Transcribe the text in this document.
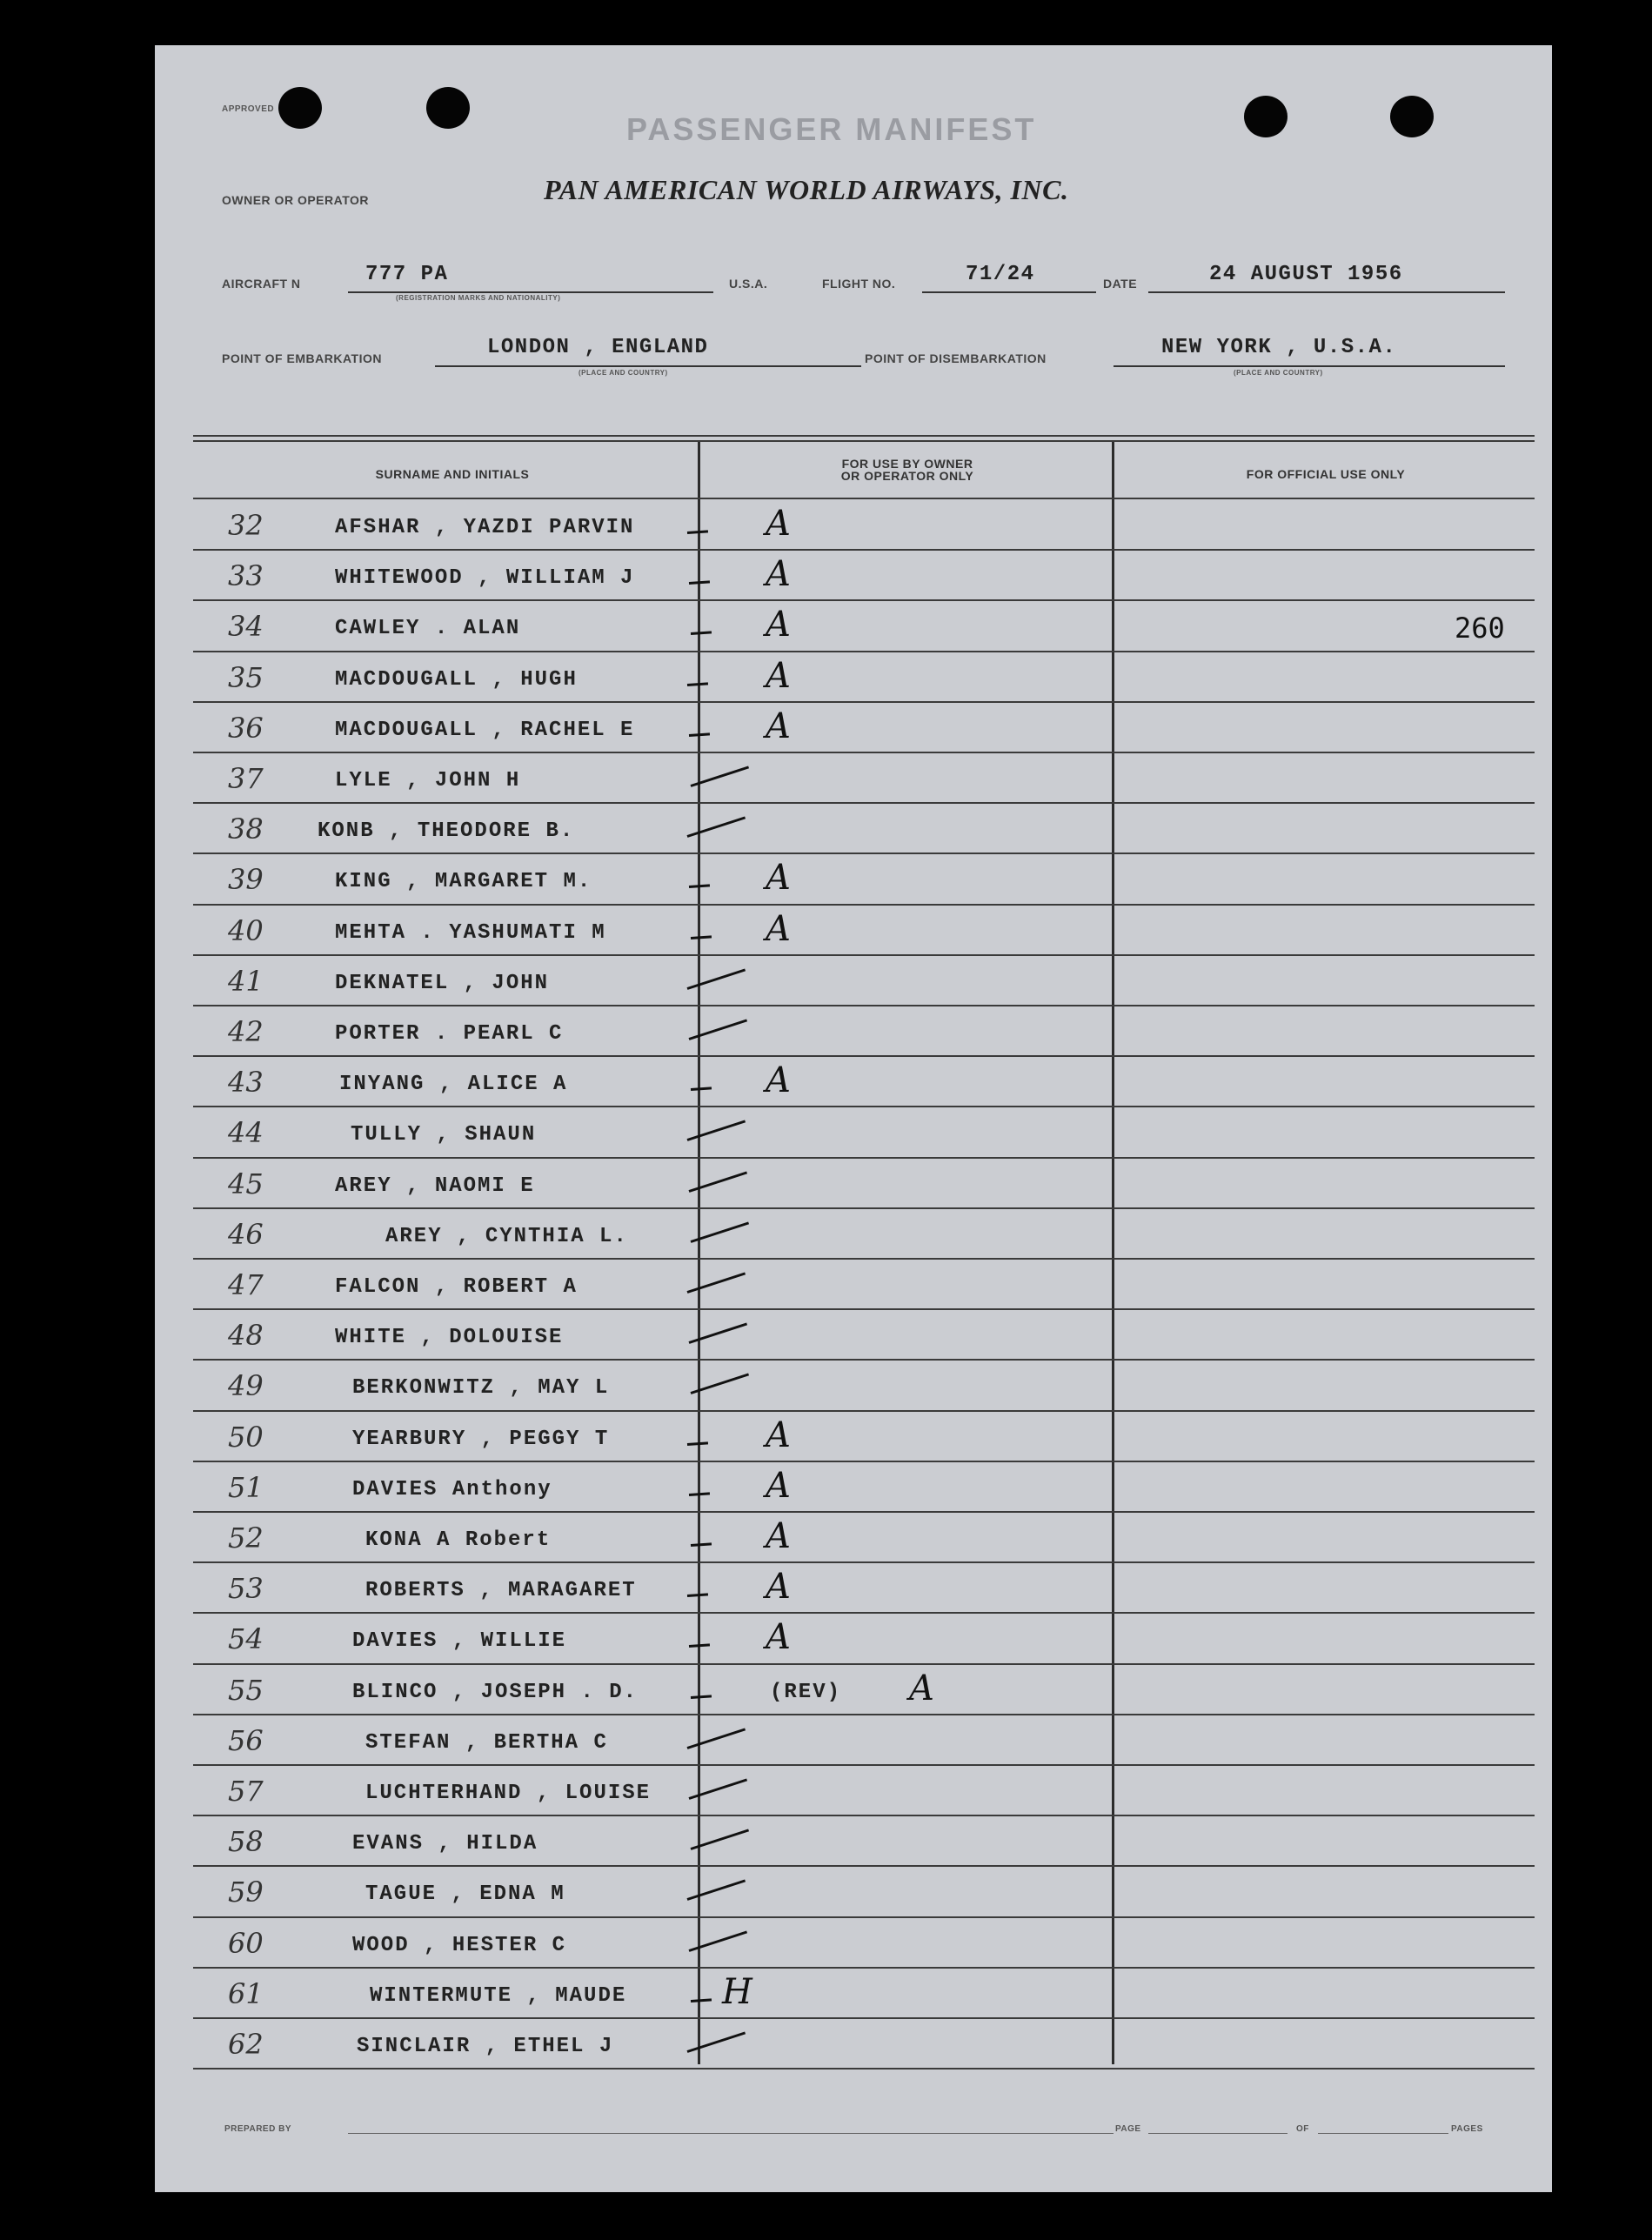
APPROVED
PASSENGER MANIFEST
OWNER OR OPERATOR	PAN AMERICAN WORLD AIRWAYS, INC.
AIRCRAFT N	777 PA
(REGISTRATION MARKS AND NATIONALITY)
U.S.A.	FLIGHT NO.	71/24	DATE	24 AUGUST 1956
POINT OF EMBARKATION	LONDON , ENGLAND
(PLACE AND COUNTRY)
POINT OF DISEMBARKATION	NEW YORK , U.S.A.
(PLACE AND COUNTRY)
SURNAME AND INITIALS
FOR USE BY OWNER
OR OPERATOR ONLY	FOR OFFICIAL USE ONLY
32	AFSHAR , YAZDI PARVIN	A
33	WHITEWOOD , WILLIAM J	A
34	CAWLEY . ALAN	A	260
35	MACDOUGALL , HUGH	A
36	MACDOUGALL , RACHEL E	A
37	LYLE , JOHN H
38	KONB , THEODORE B.
39	KING , MARGARET M.	A
40	MEHTA . YASHUMATI M	A
41	DEKNATEL , JOHN
42	PORTER . PEARL C
43	INYANG , ALICE A	A
44	TULLY , SHAUN
45	AREY , NAOMI E
46	AREY , CYNTHIA L.
47	FALCON , ROBERT A
48	WHITE , DOLOUISE
49	BERKONWITZ , MAY L
50	YEARBURY , PEGGY T	A
51	DAVIES Anthony	A
52	KONA A Robert	A
53	ROBERTS , MARAGARET	A
54	DAVIES , WILLIE	A
55	BLINCO , JOSEPH . D.	(REV) A
56	STEFAN , BERTHA C
57	LUCHTERHAND , LOUISE
58	EVANS , HILDA
59	TAGUE , EDNA M
60	WOOD , HESTER C
61	WINTERMUTE , MAUDE	H
62	SINCLAIR , ETHEL J
PREPARED BY	PAGE	OF	PAGES
